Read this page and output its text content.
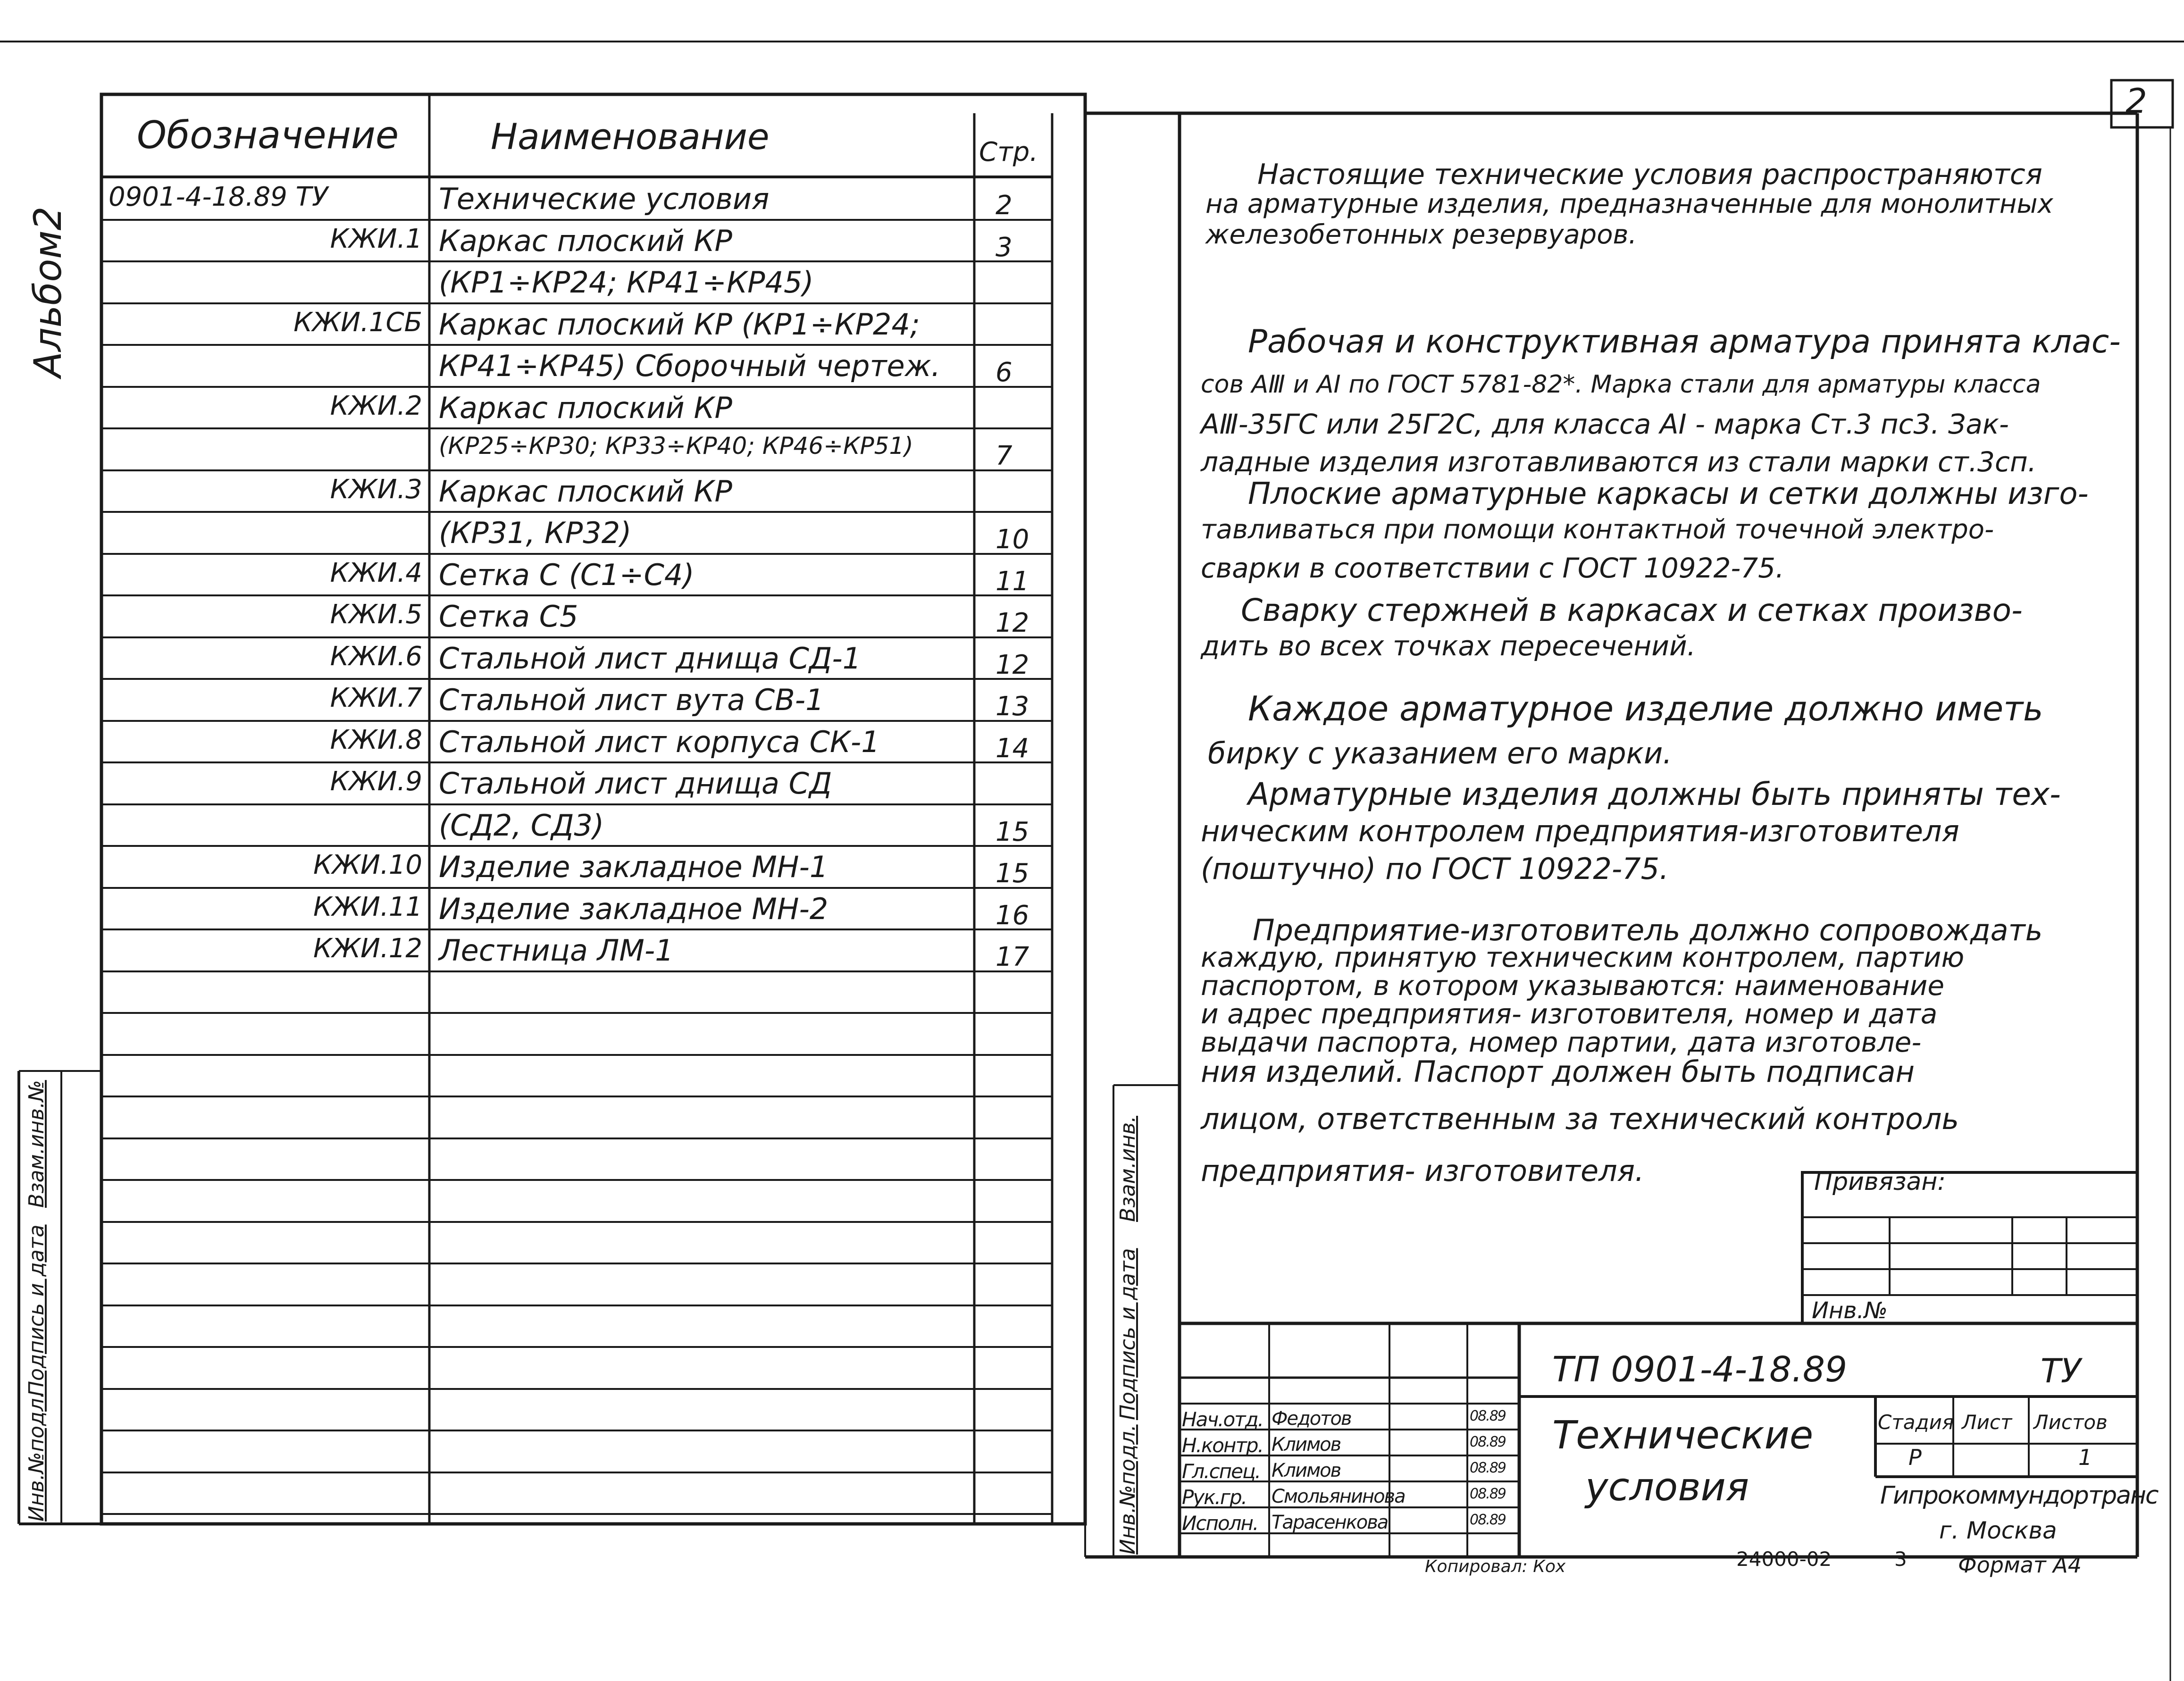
2
Альбом2
Инв.№подл.
Подпись и дата
Взам.инв.№
Инв.№подл.
Подпись и дата
Взам.инв.
Обозначение	Наименование	Стр.
0901-4-18.89 ТУ	Технические условия	2
КЖИ.1 Каркас плоский КР	3
(КР1÷КР24; КР41÷КР45)
КЖИ.1СБ Каркас плоский КР (КР1÷КР24;
КР41÷КР45) Сборочный чертеж. 6
КЖИ.2 Каркас плоский КР
(КР25÷КР30; КР33÷КР40; КР46÷КР51)	7
КЖИ.3 Каркас плоский КР
(КР31, КР32)	10
КЖИ.4 Сетка С (С1÷С4)	11
КЖИ.5 Сетка С5	12
КЖИ.6 Стальной лист днища СД-1	12
КЖИ.7 Стальной лист вута СВ-1	13
КЖИ.8 Стальной лист корпуса СК-1	14
КЖИ.9 Стальной лист днища СД
(СД2, СД3)	15
КЖИ.10 Изделие закладное МН-1	15
КЖИ.11 Изделие закладное МН-2	16
КЖИ.12 Лестница ЛМ-1	17
Настоящие технические условия распространяются
на арматурные изделия, предназначенные для монолитных
железобетонных резервуаров.
Рабочая и конструктивная арматура принята клас-
сов АⅢ и АⅠ по ГОСТ 5781-82*. Марка стали для арматуры класса
АⅢ-35ГС или 25Г2С, для класса АⅠ - марка Ст.3 пс3. Зак-
ладные изделия изготавливаются из стали марки ст.3сп.
Плоские арматурные каркасы и сетки должны изго-
тавливаться при помощи контактной точечной электро-
сварки в соответствии с ГОСТ 10922-75.
Сварку стержней в каркасах и сетках произво-
дить во всех точках пересечений.
Каждое арматурное изделие должно иметь
бирку с указанием его марки.
Арматурные изделия должны быть приняты тех-
ническим контролем предприятия-изготовителя
(поштучно) по ГОСТ 10922-75.
Предприятие-изготовитель должно сопровождать
каждую, принятую техническим контролем, партию
паспортом, в котором указываются: наименование
и адрес предприятия- изготовителя, номер и дата
выдачи паспорта, номер партии, дата изготовле-
ния изделий. Паспорт должен быть подписан
лицом, ответственным за технический контроль
предприятия- изготовителя.	Привязан:
Инв.№
ТП 0901-4-18.89	ТУ
Технические
условия
Стадия Лист Листов
Р	1
Гипрокоммундортранс
г. Москва
Нач.отд. Федотов	08.89
Н.контр. Климов	08.89
Гл.спец. Климов	08.89
Рук.гр. Смольянинова	08.89
Исполн. Тарасенкова	08.89
Копировал: Кох	24000-02	3 Формат А4
